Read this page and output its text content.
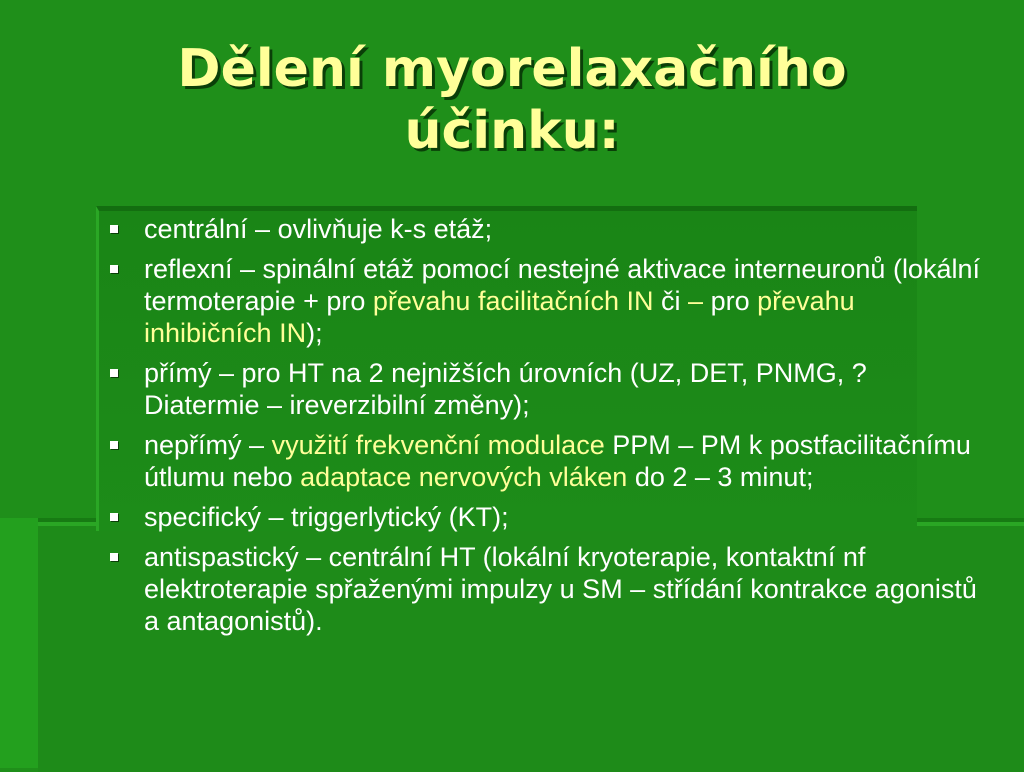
Dělení myorelaxačního
účinku:
centrální – ovlivňuje k-s etáž;
reflexní – spinální etáž pomocí nestejné aktivace interneuronů (lokální termoterapie + pro převahu facilitačních IN či – pro převahu inhibičních IN);
přímý – pro HT na 2 nejnižších úrovních (UZ, DET, PNMG, ? Diatermie – ireverzibilní změny);
nepřímý – využití frekvenční modulace PPM – PM k postfacilitačnímu útlumu nebo adaptace nervových vláken do 2 – 3 minut;
specifický – triggerlytický (KT);
antispastický – centrální HT (lokální kryoterapie, kontaktní nf elektroterapie spřaženými impulzy u SM – střídání kontrakce agonistů a antagonistů).
